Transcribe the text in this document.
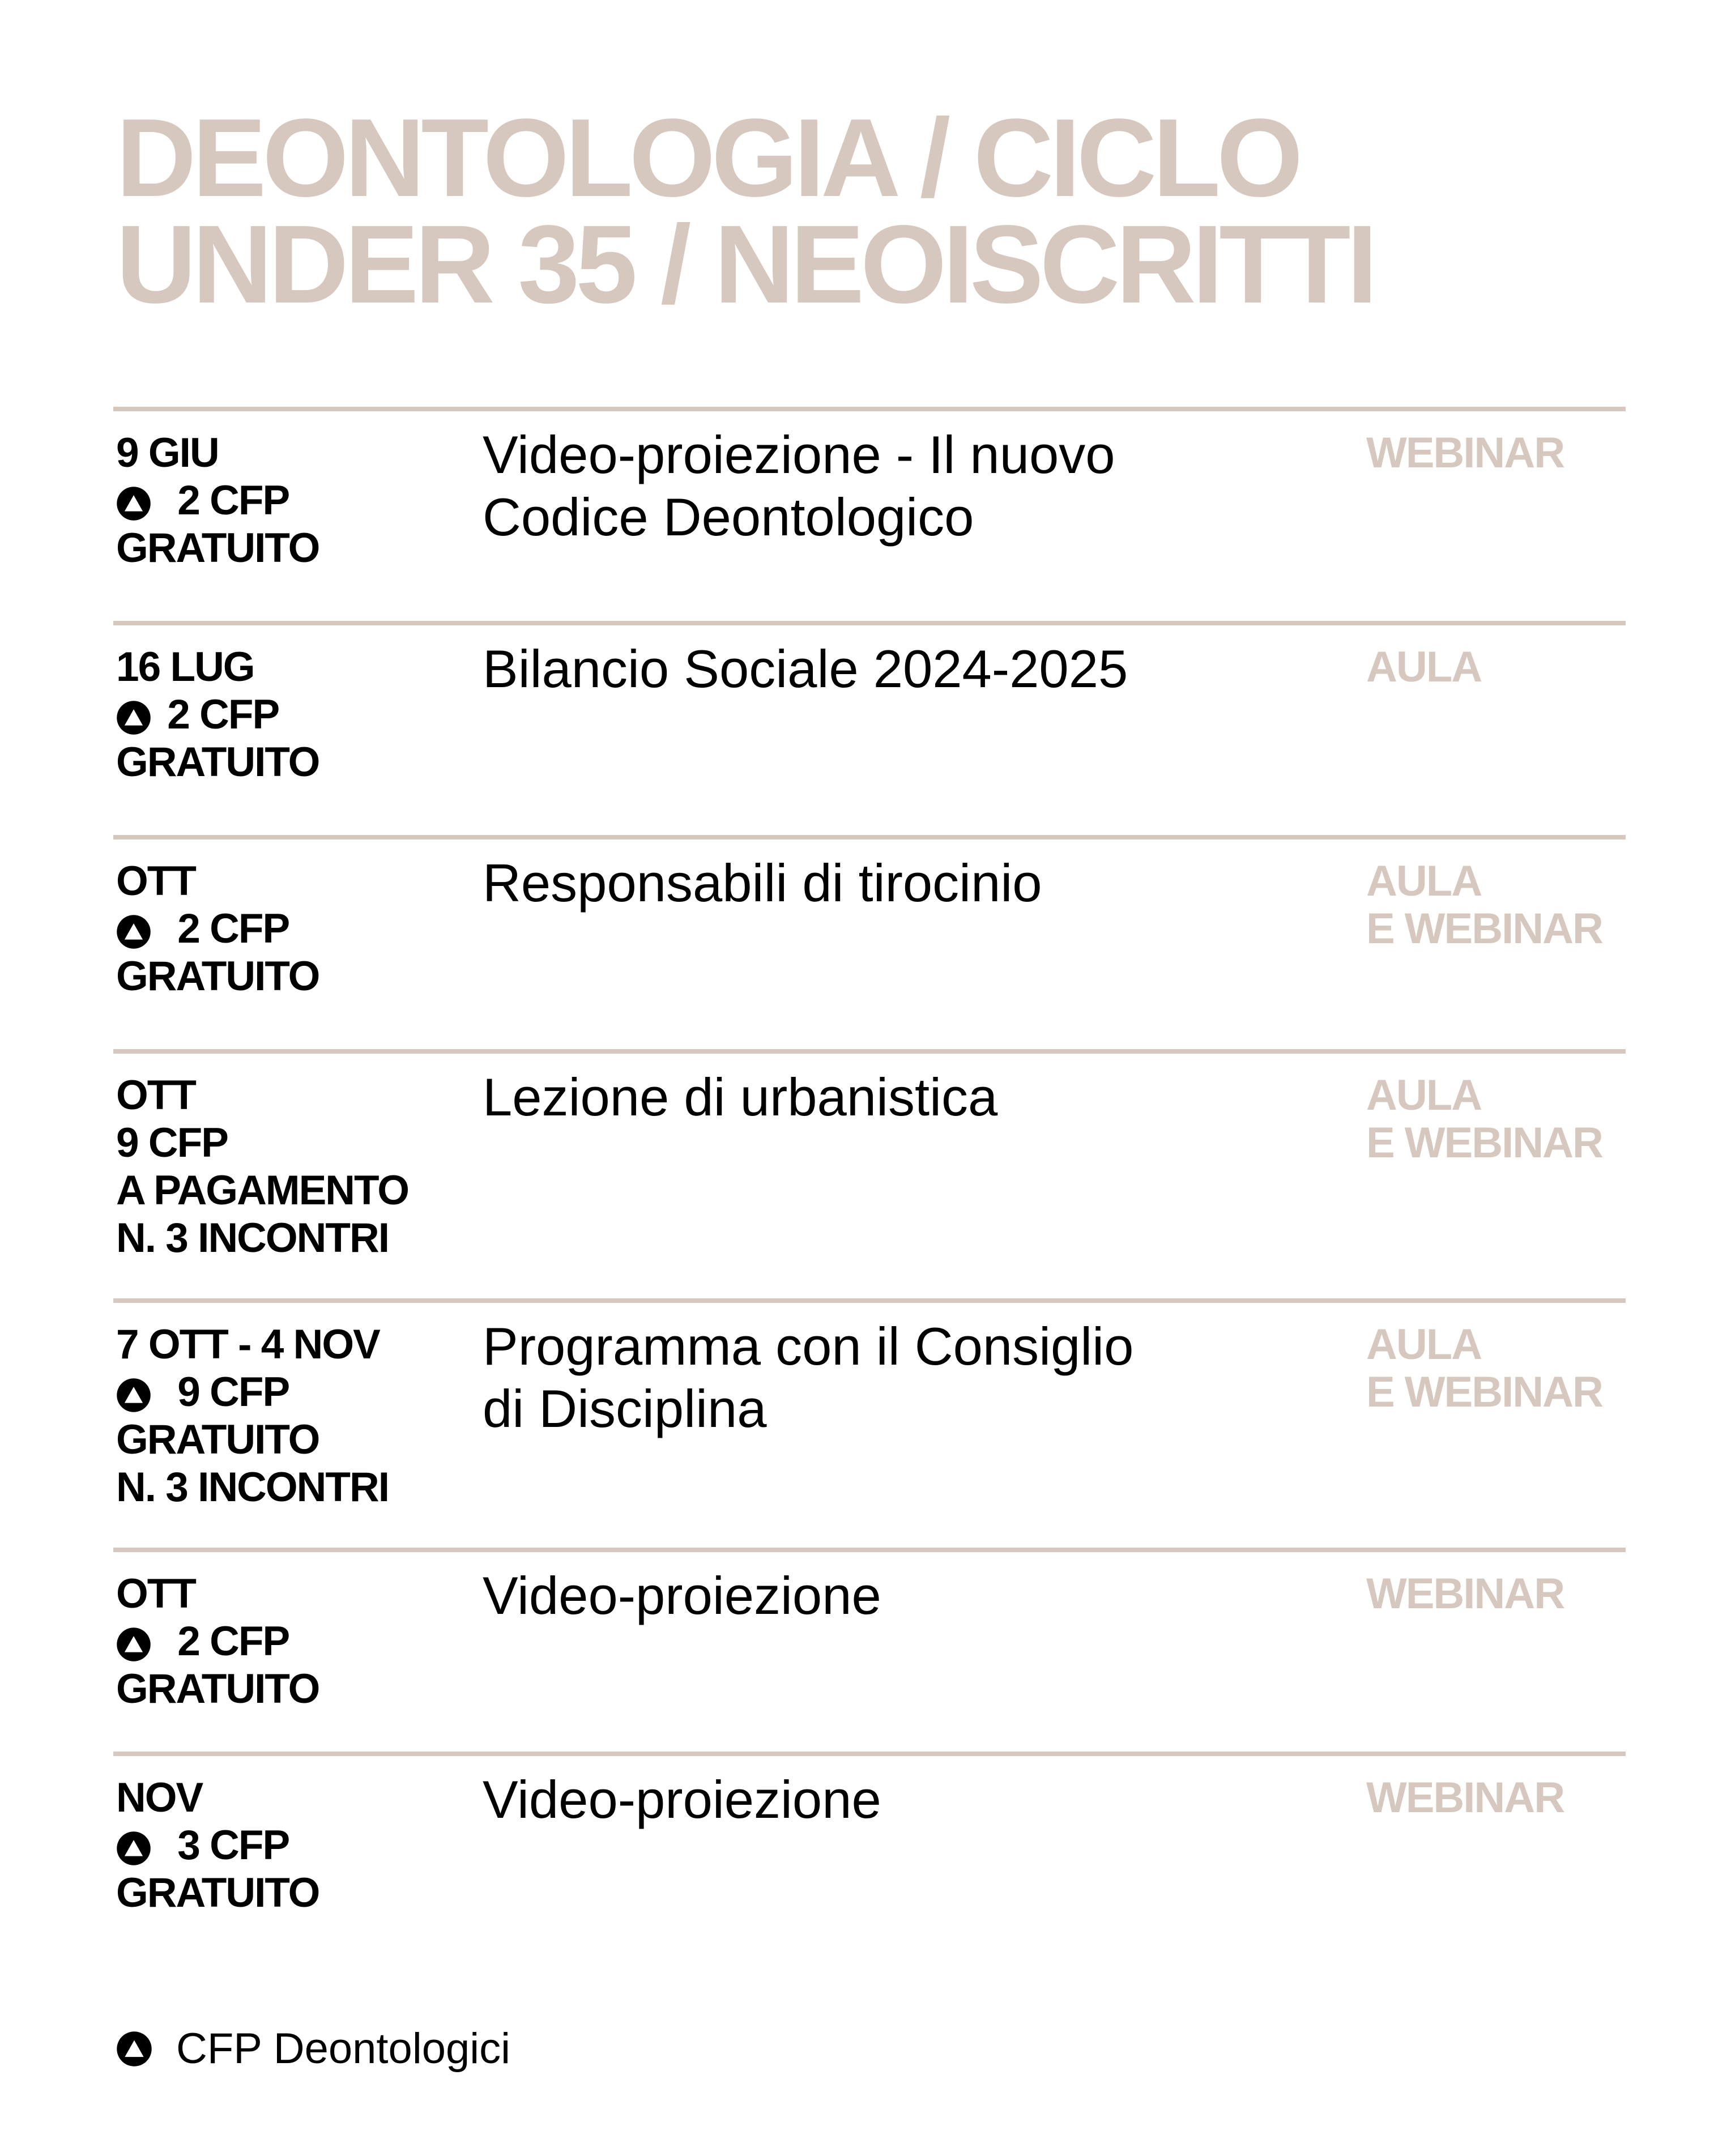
DEONTOLOGIA / CICLO
UNDER 35 / NEOISCRITTI
9 GIU
2 CFP
GRATUITO
Video-proiezione - Il nuovo
Codice Deontologico
WEBINAR
16 LUG
2 CFP
GRATUITO
Bilancio Sociale 2024-2025	AULA
OTT
2 CFP
GRATUITO
Responsabili di tirocinio	AULA
E WEBINAR
OTT
9 CFP
A PAGAMENTO
N. 3 INCONTRI
Lezione di urbanistica	AULA
E WEBINAR
7 OTT - 4 NOV
9 CFP
GRATUITO
N. 3 INCONTRI
Programma con il Consiglio
di Disciplina
AULA
E WEBINAR
OTT
2 CFP
GRATUITO
Video-proiezione	WEBINAR
NOV
3 CFP
GRATUITO
Video-proiezione	WEBINAR
CFP Deontologici
